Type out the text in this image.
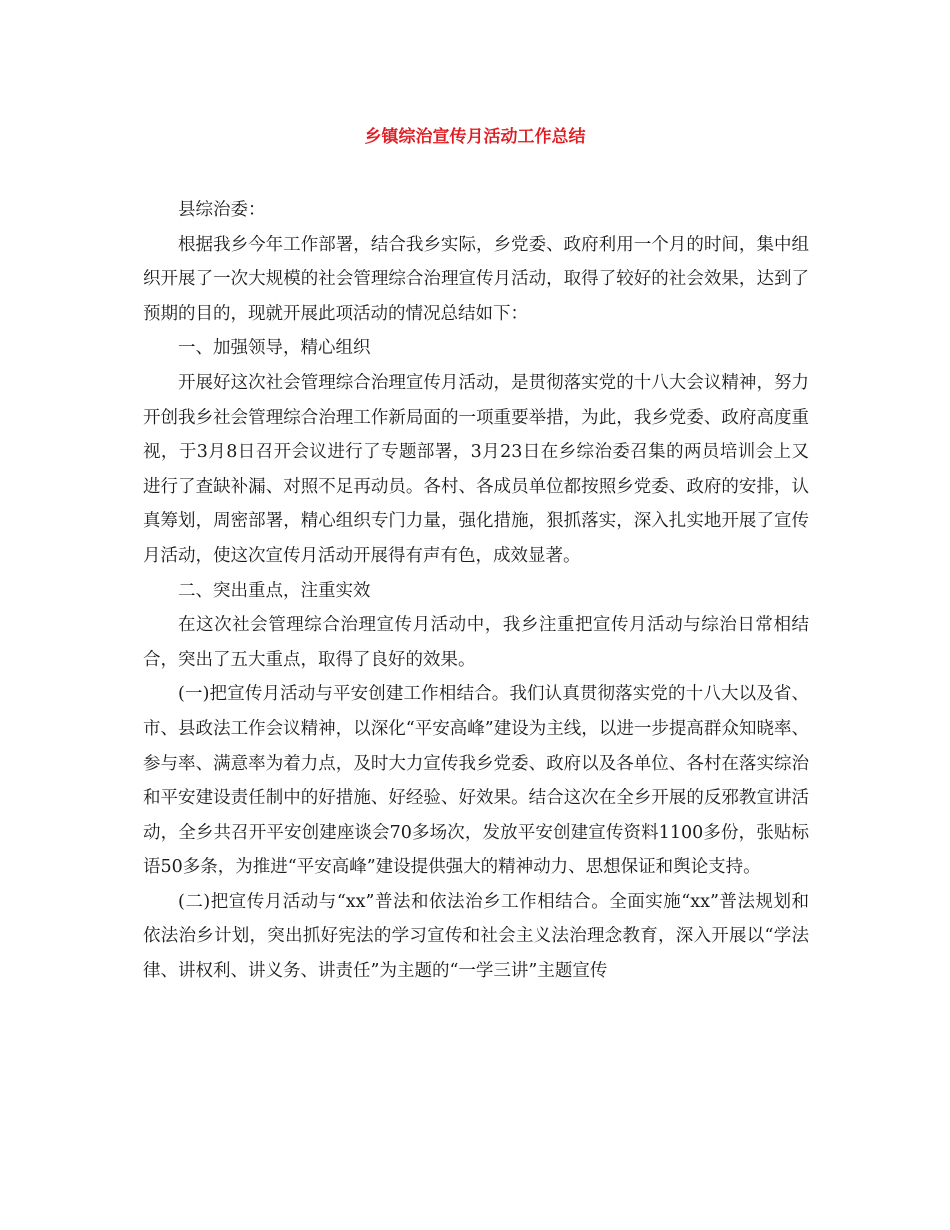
乡镇综治宣传月活动工作总结

县综治委：

根据我乡今年工作部署，结合我乡实际，乡党委、政府利用一个月的时间，集中组织开展了一次大规模的社会管理综合治理宣传月活动，取得了较好的社会效果，达到了预期的目的，现就开展此项活动的情况总结如下：

一、加强领导，精心组织

开展好这次社会管理综合治理宣传月活动，是贯彻落实党的十八大会议精神，努力开创我乡社会管理综合治理工作新局面的一项重要举措，为此，我乡党委、政府高度重视，于3月8日召开会议进行了专题部署，3月23日在乡综治委召集的两员培训会上又进行了查缺补漏、对照不足再动员。各村、各成员单位都按照乡党委、政府的安排，认真筹划，周密部署，精心组织专门力量，强化措施，狠抓落实，深入扎实地开展了宣传月活动，使这次宣传月活动开展得有声有色，成效显著。

二、突出重点，注重实效

在这次社会管理综合治理宣传月活动中，我乡注重把宣传月活动与综治日常相结合，突出了五大重点，取得了良好的效果。

(一)把宣传月活动与平安创建工作相结合。我们认真贯彻落实党的十八大以及省、市、县政法工作会议精神，以深化“平安高峰”建设为主线，以进一步提高群众知晓率、参与率、满意率为着力点，及时大力宣传我乡党委、政府以及各单位、各村在落实综治和平安建设责任制中的好措施、好经验、好效果。结合这次在全乡开展的反邪教宣讲活动，全乡共召开平安创建座谈会70多场次，发放平安创建宣传资料1100多份，张贴标语50多条，为推进“平安高峰”建设提供强大的精神动力、思想保证和舆论支持。

(二)把宣传月活动与“xx”普法和依法治乡工作相结合。全面实施“xx”普法规划和依法治乡计划，突出抓好宪法的学习宣传和社会主义法治理念教育，深入开展以“学法律、讲权利、讲义务、讲责任”为主题的“一学三讲”主题宣传
